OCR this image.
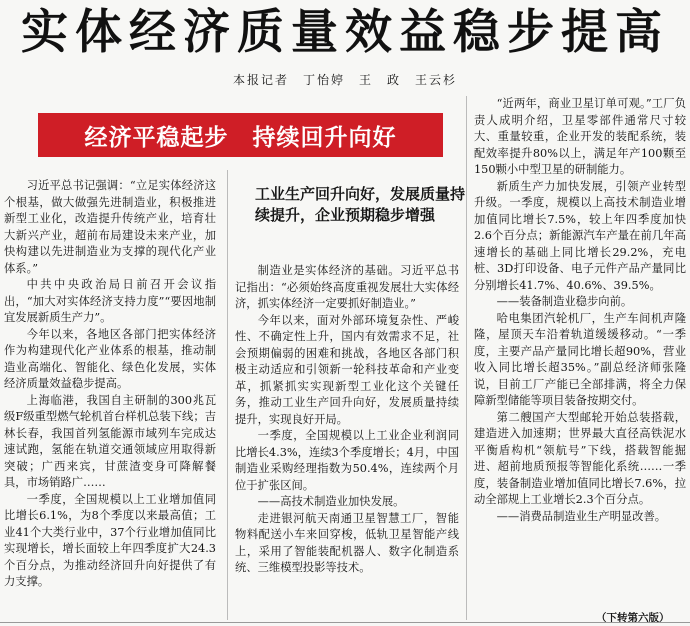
实体经济质量效益稳步提高
本报记者　丁怡婷　王　政　王云杉
经济平稳起步　持续回升向好

习近平总书记强调：“立足实体经济这个根基，做大做强先进制造业，积极推进新型工业化，改造提升传统产业，培育壮大新兴产业，超前布局建设未来产业，加快构建以先进制造业为支撑的现代化产业体系。”

中共中央政治局日前召开会议指出，“加大对实体经济支持力度”“要因地制宜发展新质生产力”。

今年以来，各地区各部门把实体经济作为构建现代化产业体系的根基，推动制造业高端化、智能化、绿色化发展，实体经济质量效益稳步提高。

上海临港，我国自主研制的300兆瓦级F级重型燃气轮机首台样机总装下线；吉林长春，我国首列氢能源市域列车完成达速试跑，氢能在轨道交通领域应用取得新突破；广西来宾，甘蔗渣变身可降解餐具，市场销路广……

一季度，全国规模以上工业增加值同比增长6.1%，为8个季度以来最高值；工业41个大类行业中，37个行业增加值同比实现增长，增长面较上年四季度扩大24.3个百分点，为推动经济回升向好提供了有力支撑。

工业生产回升向好，发展质量持续提升，企业预期稳步增强

制造业是实体经济的基础。习近平总书记指出：“必须始终高度重视发展壮大实体经济，抓实体经济一定要抓好制造业。”

今年以来，面对外部环境复杂性、严峻性、不确定性上升，国内有效需求不足，社会预期偏弱的困难和挑战，各地区各部门积极主动适应和引领新一轮科技革命和产业变革，抓紧抓实实现新型工业化这个关键任务，推动工业生产回升向好，发展质量持续提升，实现良好开局。

一季度，全国规模以上工业企业利润同比增长4.3%，连续3个季度增长；4月，中国制造业采购经理指数为50.4%，连续两个月位于扩张区间。

——高技术制造业加快发展。

走进银河航天南通卫星智慧工厂，智能物料配送小车来回穿梭，低轨卫星智能产线上，采用了智能装配机器人、数字化制造系统、三维模型投影等技术。

“近两年，商业卫星订单可观。”工厂负责人成明介绍，卫星零部件通常尺寸较大、重量较重，企业开发的装配系统，装配效率提升80%以上，满足年产100颗至150颗小中型卫星的研制能力。

新质生产力加快发展，引领产业转型升级。一季度，规模以上高技术制造业增加值同比增长7.5%，较上年四季度加快2.6个百分点；新能源汽车产量在前几年高速增长的基础上同比增长29.2%，充电桩、3D打印设备、电子元件产品产量同比分别增长41.7%、40.6%、39.5%。

——装备制造业稳步向前。

哈电集团汽轮机厂，生产车间机声隆隆，屋顶天车沿着轨道缓缓移动。“一季度，主要产品产量同比增长超90%，营业收入同比增长超35%。”副总经济师张隆说，目前工厂产能已全部排满，将全力保障新型储能等项目装备按期交付。

第二艘国产大型邮轮开始总装搭载，建造进入加速期；世界最大直径高铁泥水平衡盾构机“领航号”下线，搭载智能掘进、超前地质预报等智能化系统……一季度，装备制造业增加值同比增长7.6%，拉动全部规上工业增长2.3个百分点。

——消费品制造业生产明显改善。

（下转第六版）
